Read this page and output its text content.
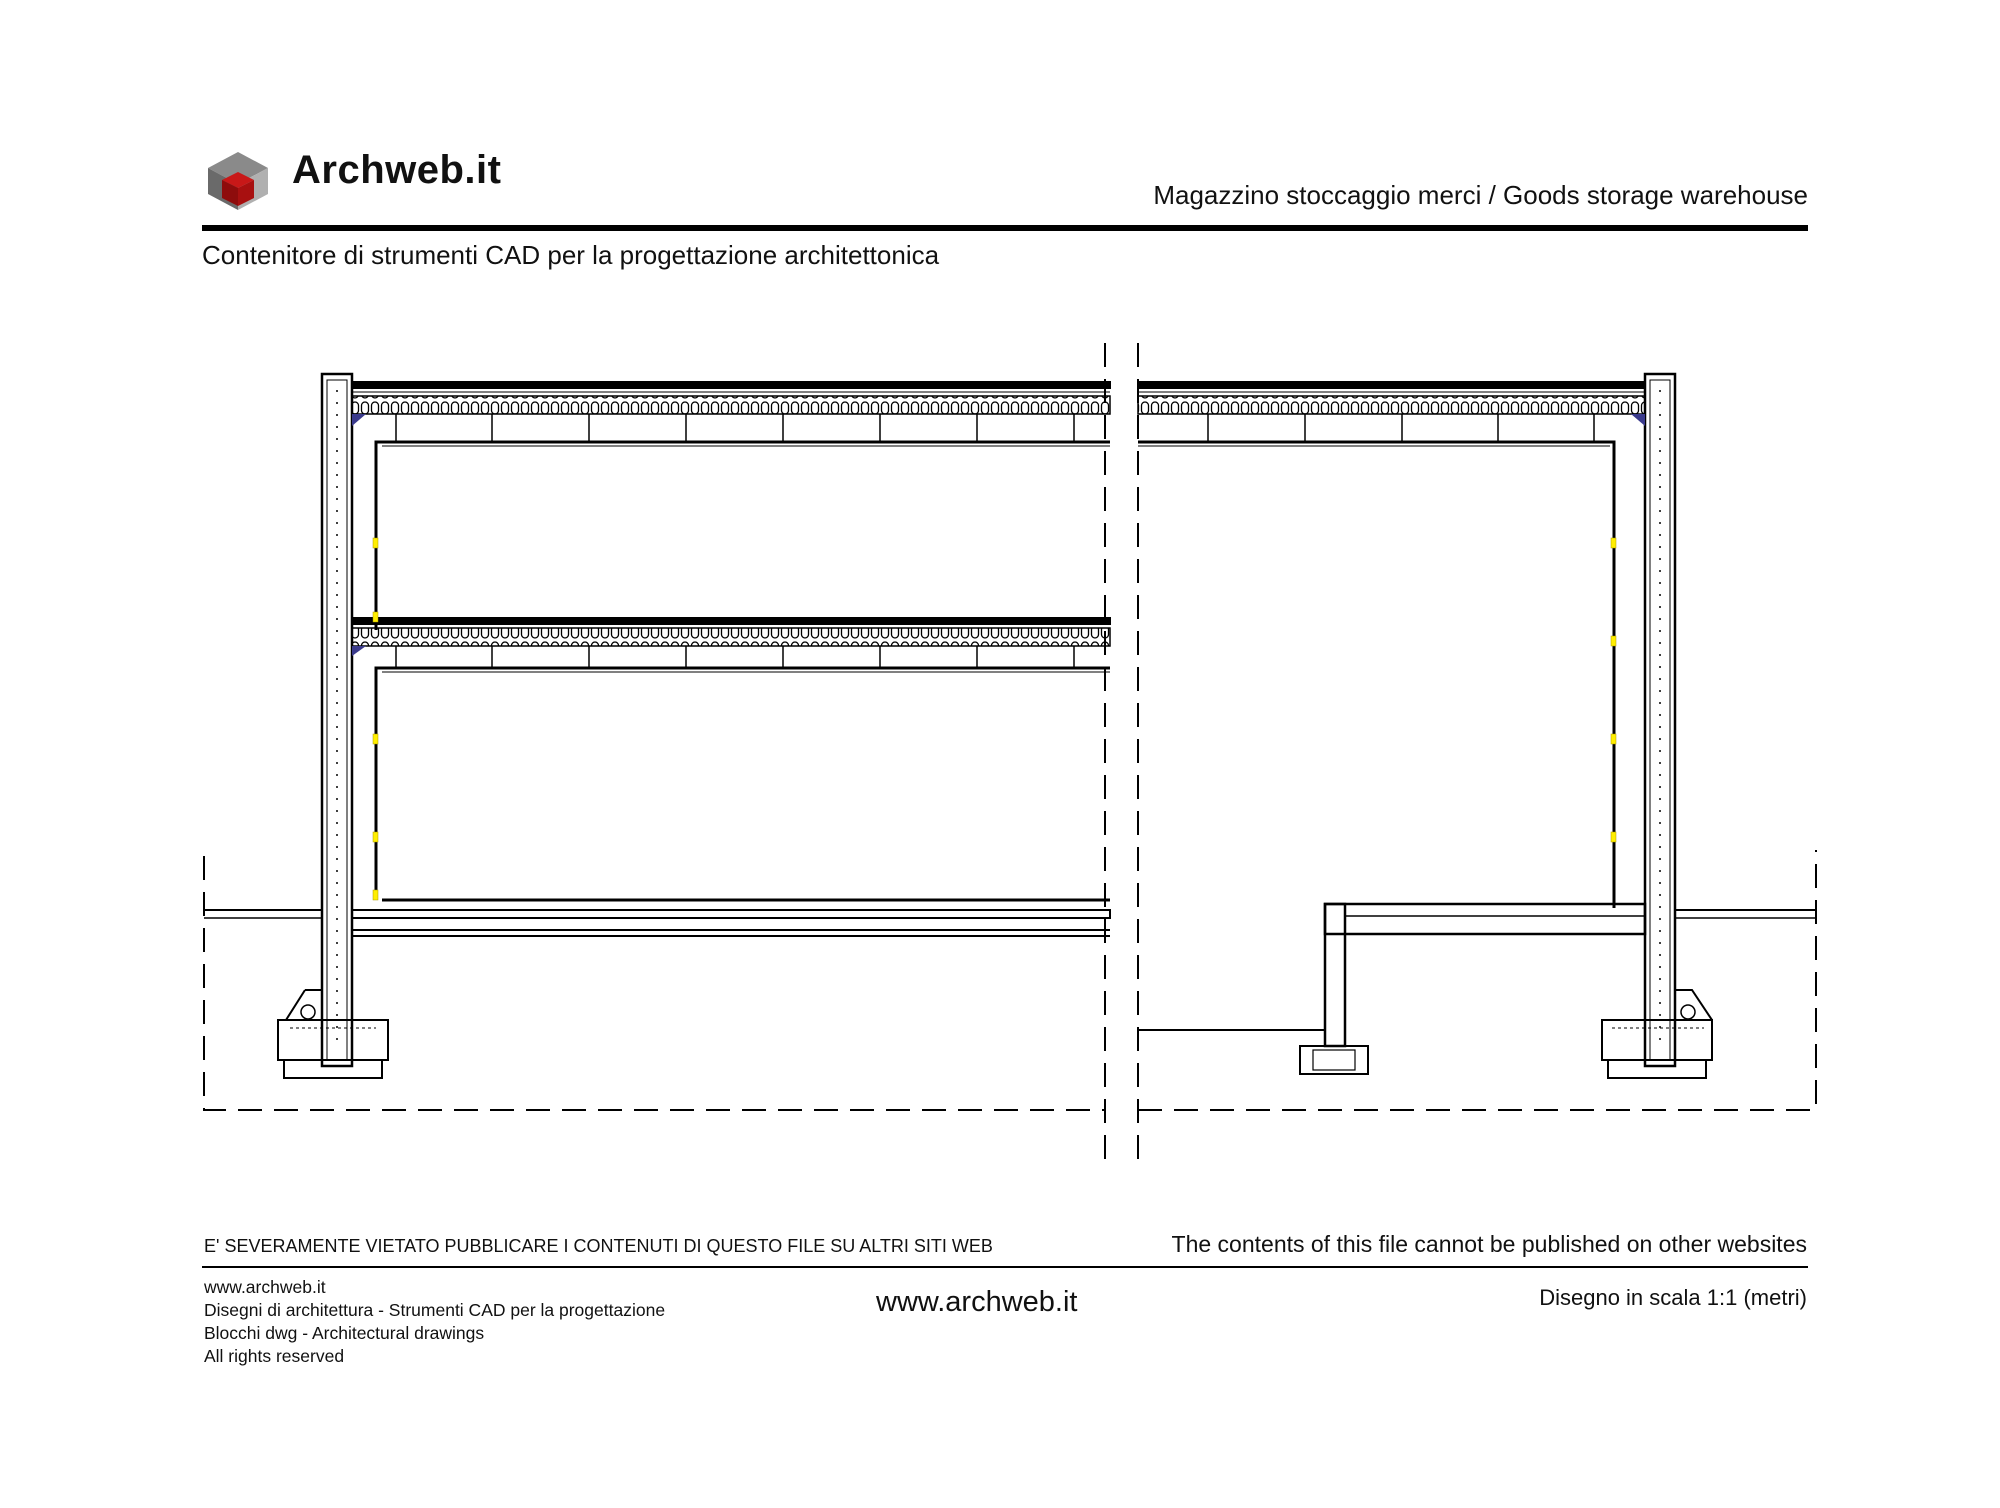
Archweb.it
Magazzino stoccaggio merci / Goods storage warehouse
Contenitore di strumenti CAD per la progettazione architettonica
E' SEVERAMENTE VIETATO PUBBLICARE I CONTENUTI DI QUESTO FILE SU ALTRI SITI WEB	The contents of this file cannot be published on other websites
www.archweb.it
Disegni di architettura - Strumenti CAD per la progettazione
Blocchi dwg - Architectural drawings
All rights reserved
www.archweb.it	Disegno in scala 1:1 (metri)
